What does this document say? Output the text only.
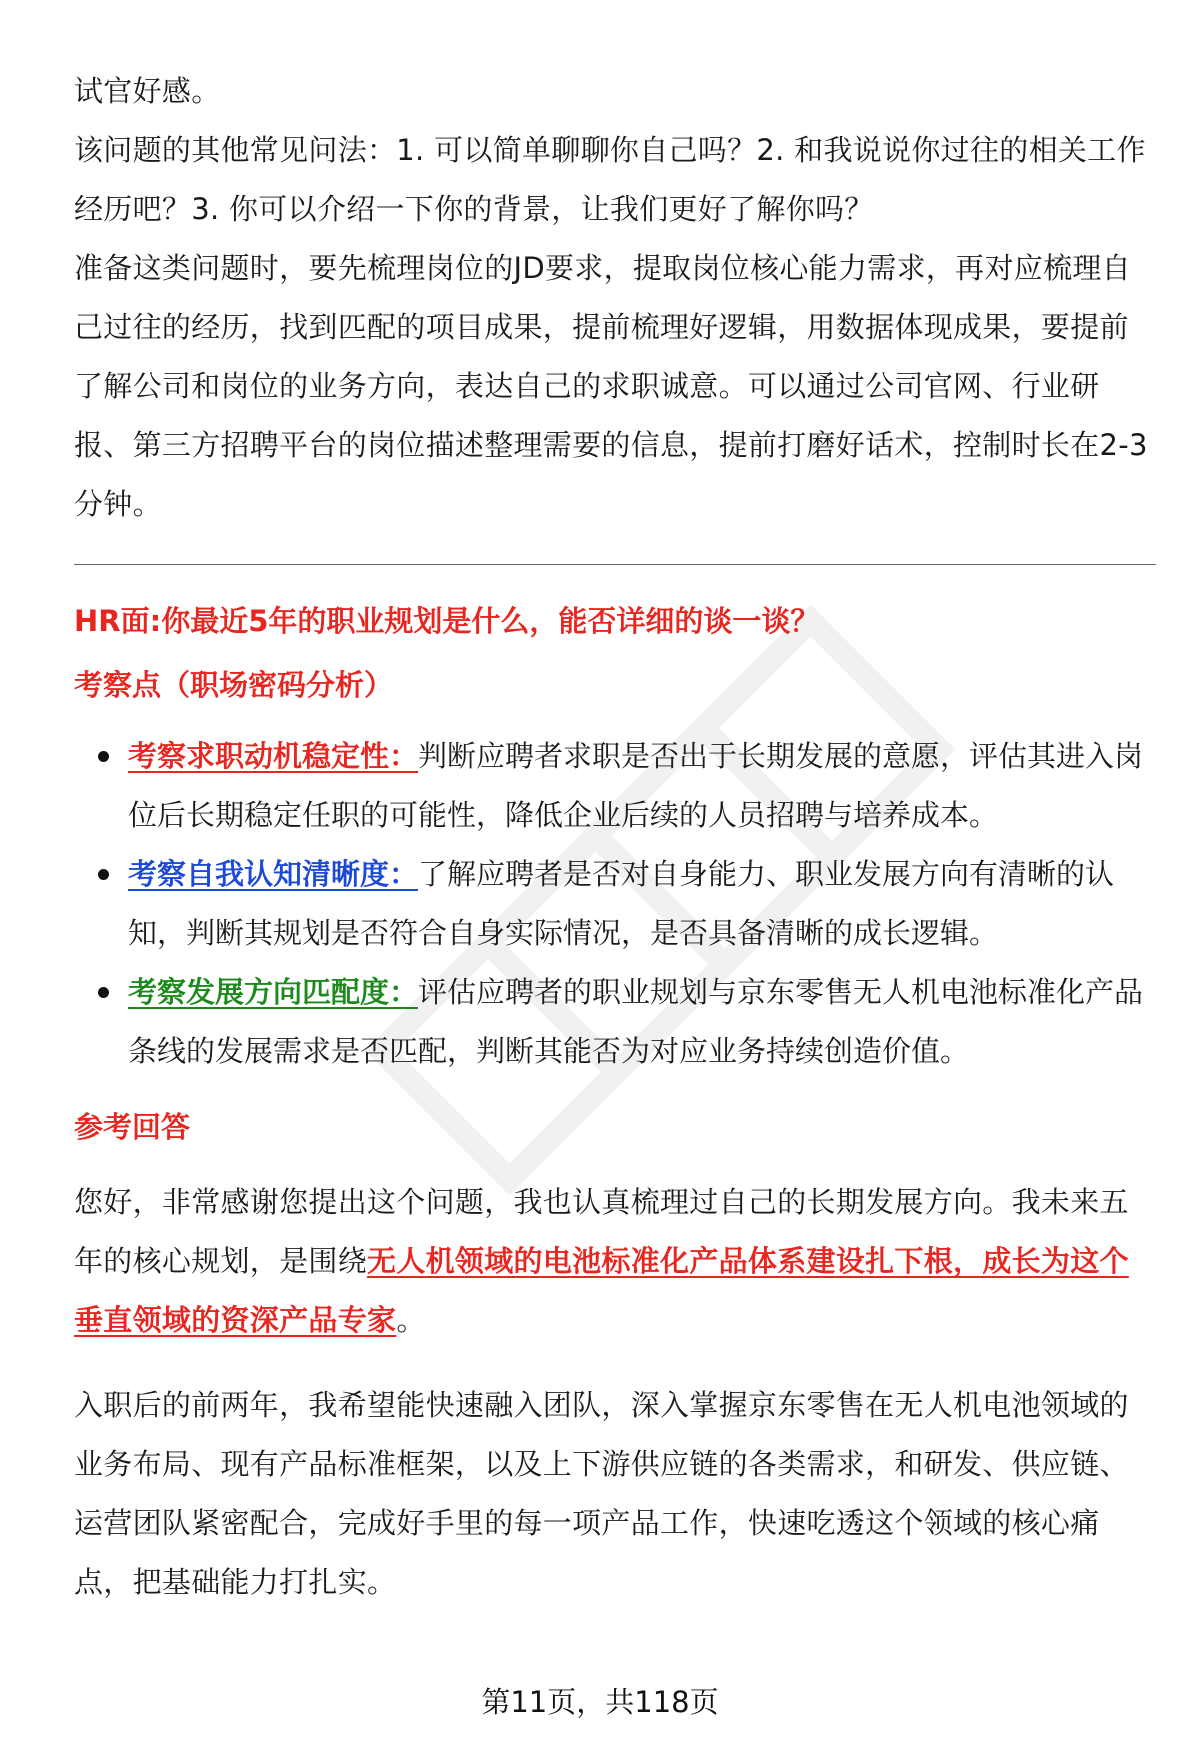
试官好感。

该问题的其他常见问法：1. 可以简单聊聊你自己吗？2. 和我说说你过往的相关工作经历吧？3. 你可以介绍一下你的背景，让我们更好了解你吗？

准备这类问题时，要先梳理岗位的JD要求，提取岗位核心能力需求，再对应梳理自己过往的经历，找到匹配的项目成果，提前梳理好逻辑，用数据体现成果，要提前了解公司和岗位的业务方向，表达自己的求职诚意。可以通过公司官网、行业研报、第三方招聘平台的岗位描述整理需要的信息，提前打磨好话术，控制时长在2-3分钟。

HR面:你最近5年的职业规划是什么，能否详细的谈一谈？

考察点（职场密码分析）

考察求职动机稳定性：判断应聘者求职是否出于长期发展的意愿，评估其进入岗位后长期稳定任职的可能性，降低企业后续的人员招聘与培养成本。
考察自我认知清晰度：了解应聘者是否对自身能力、职业发展方向有清晰的认知，判断其规划是否符合自身实际情况，是否具备清晰的成长逻辑。
考察发展方向匹配度：评估应聘者的职业规划与京东零售无人机电池标准化产品条线的发展需求是否匹配，判断其能否为对应业务持续创造价值。

参考回答

您好，非常感谢您提出这个问题，我也认真梳理过自己的长期发展方向。我未来五年的核心规划，是围绕无人机领域的电池标准化产品体系建设扎下根，成长为这个垂直领域的资深产品专家。

入职后的前两年，我希望能快速融入团队，深入掌握京东零售在无人机电池领域的业务布局、现有产品标准框架，以及上下游供应链的各类需求，和研发、供应链、运营团队紧密配合，完成好手里的每一项产品工作，快速吃透这个领域的核心痛点，把基础能力打扎实。

第11页，共118页
